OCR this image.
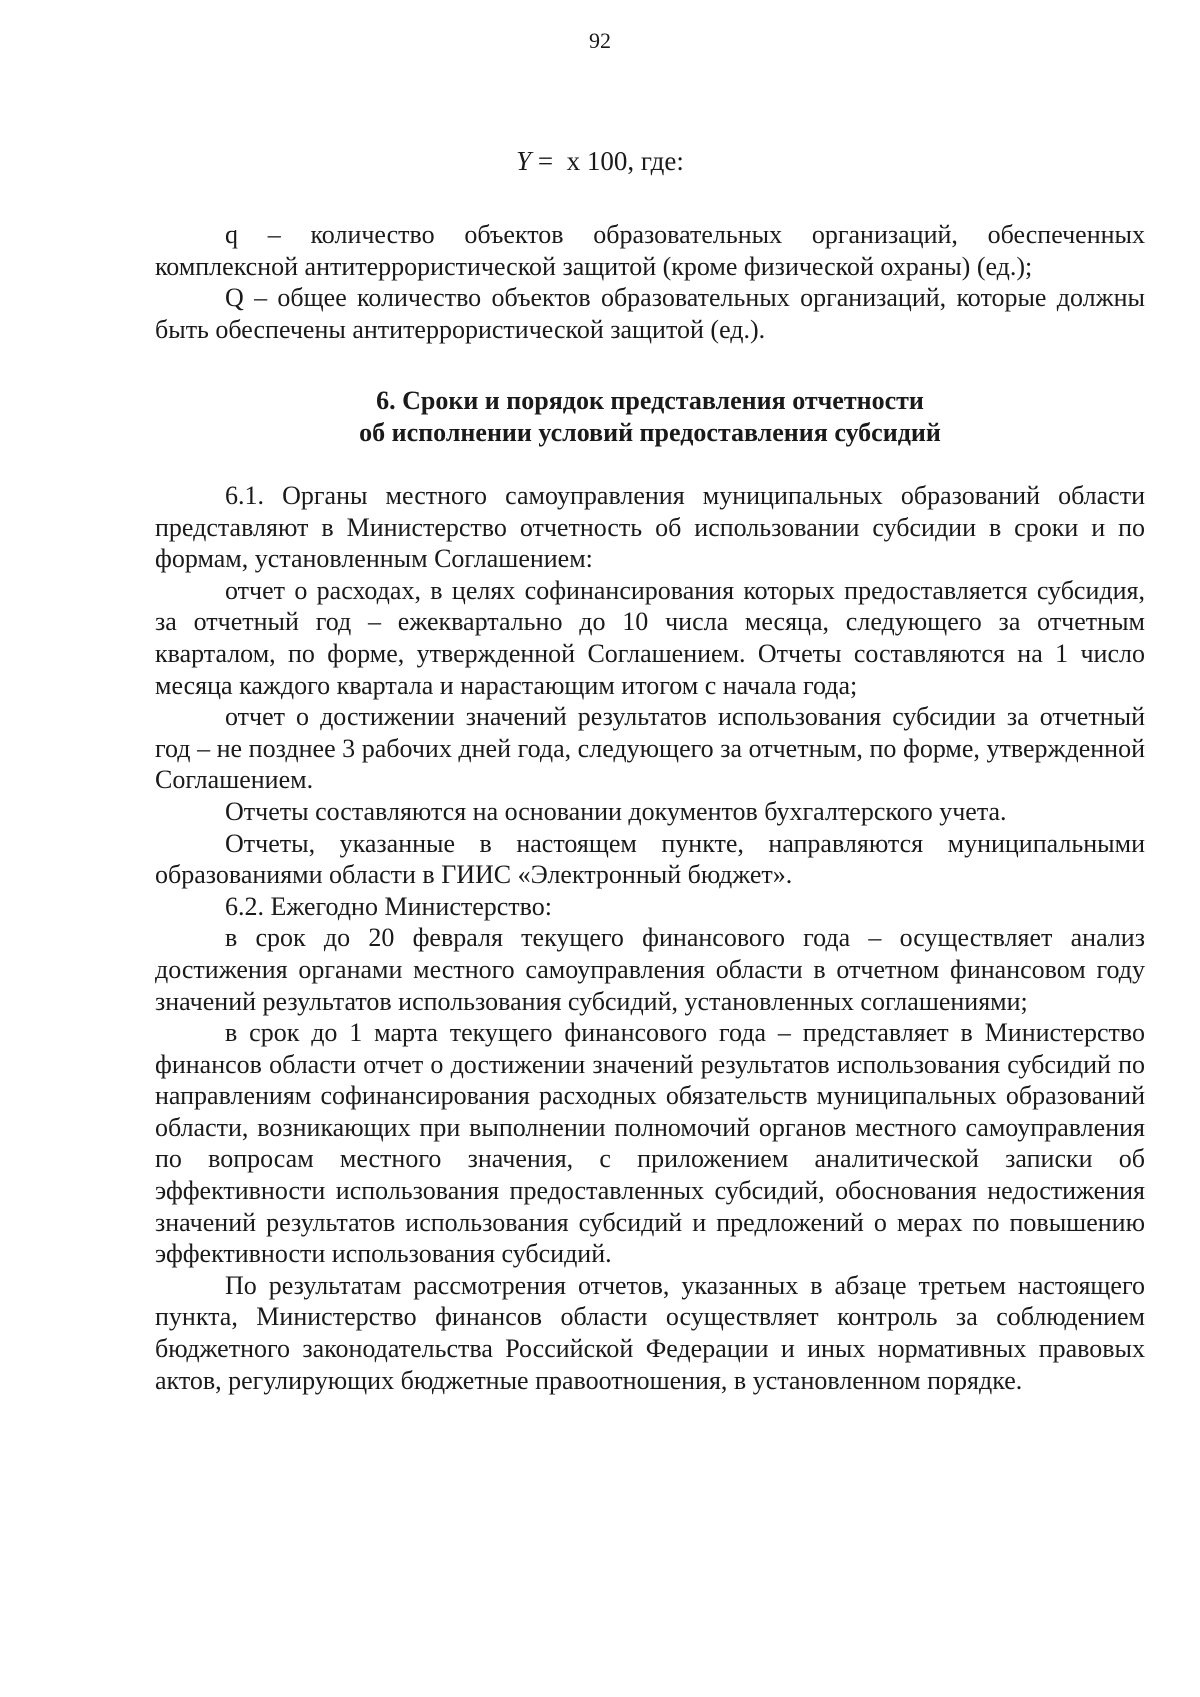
92
Y =  x 100, где:

q – количество объектов образовательных организаций, обеспеченных комплексной антитеррористической защитой (кроме физической охраны) (ед.);

Q – общее количество объектов образовательных организаций, которые должны быть обеспечены антитеррористической защитой (ед.).

6. Сроки и порядок представления отчетности
об исполнении условий предоставления субсидий

6.1. Органы местного самоуправления муниципальных образований области представляют в Министерство отчетность об использовании субсидии в сроки и по формам, установленным Соглашением:

отчет о расходах, в целях софинансирования которых предоставляется субсидия, за отчетный год – ежеквартально до 10 числа месяца, следующего за отчетным кварталом, по форме, утвержденной Соглашением. Отчеты составляются на 1 число месяца каждого квартала и нарастающим итогом с начала года;

отчет о достижении значений результатов использования субсидии за отчетный год – не позднее 3 рабочих дней года, следующего за отчетным, по форме, утвержденной Соглашением.

Отчеты составляются на основании документов бухгалтерского учета.

Отчеты, указанные в настоящем пункте, направляются муниципальными образованиями области в ГИИС «Электронный бюджет».

6.2. Ежегодно Министерство:

в срок до 20 февраля текущего финансового года – осуществляет анализ достижения органами местного самоуправления области в отчетном финансовом году значений результатов использования субсидий, установленных соглашениями;

в срок до 1 марта текущего финансового года – представляет в Министерство финансов области отчет о достижении значений результатов использования субсидий по направлениям софинансирования расходных обязательств муниципальных образований области, возникающих при выполнении полномочий органов местного самоуправления по вопросам местного значения, с приложением аналитической записки об эффективности использования предоставленных субсидий, обоснования недостижения значений результатов использования субсидий и предложений о мерах по повышению эффективности использования субсидий.

По результатам рассмотрения отчетов, указанных в абзаце третьем настоящего пункта, Министерство финансов области осуществляет контроль за соблюдением бюджетного законодательства Российской Федерации и иных нормативных правовых актов, регулирующих бюджетные правоотношения, в установленном порядке.
